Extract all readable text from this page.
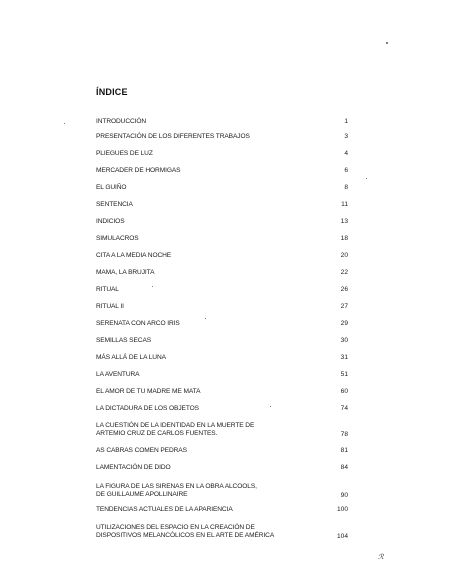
ÍNDICE
INTRODUCCIÓN	1
PRESENTACIÓN DE LOS DIFERENTES TRABAJOS	3
PLIEGUES DE LUZ	4
MERCADER DE HORMIGAS	6
EL GUIÑO	8
SENTENCIA	11
INDICIOS	13
SIMULACROS	18
CITA A LA MEDIA NOCHE	20
MAMA, LA BRUJITA	22
RITUAL	26
RITUAL II	27
SERENATA CON ARCO IRIS	29
SEMILLAS SECAS	30
MÁS ALLÁ DE LA LUNA	31
LA AVENTURA	51
EL AMOR DE TU MADRE ME MATA	60
LA DICTADURA DE LOS OBJETOS	74
LA CUESTIÓN DE LA IDENTIDAD EN LA MUERTE DE
ARTEMIO CRUZ DE CARLOS FUENTES.	78
AS CABRAS COMEN PEDRAS	81
LAMENTACIÓN DE DIDO	84
LA FIGURA DE LAS SIRENAS EN LA OBRA ALCOOLS,
DE GUILLAUME APOLLINAIRE	90
TENDENCIAS ACTUALES DE LA APARIENCIA	100
UTILIZACIONES DEL ESPACIO EN LA CREACIÓN DE
DISPOSITIVOS MELANCÓLICOS EN EL ARTE DE AMÉRICA	104
ℛ
